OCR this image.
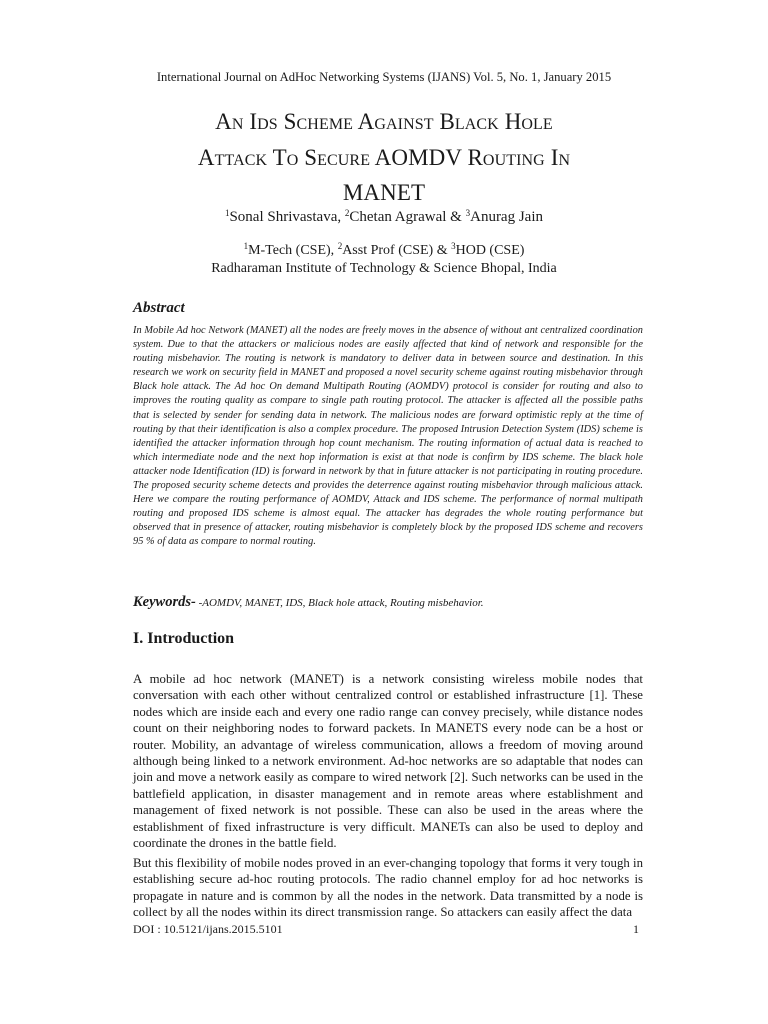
International Journal on AdHoc Networking Systems (IJANS) Vol. 5, No. 1, January 2015
An Ids Scheme Against Black Hole
Attack To Secure AOMDV Routing In
MANET
$^1$Sonal Shrivastava, $^2$Chetan Agrawal & $^3$Anurag Jain
$^1$M-Tech (CSE), $^2$Asst Prof (CSE) & $^3$HOD (CSE)
Radharaman Institute of Technology & Science Bhopal, India
Abstract
In Mobile Ad hoc Network (MANET) all the nodes are freely moves in the absence of without ant centralized coordination system. Due to that the attackers or malicious nodes are easily affected that kind of network and responsible for the routing misbehavior. The routing is network is mandatory to deliver data in between source and destination. In this research we work on security field in MANET and proposed a novel security scheme against routing misbehavior through Black hole attack. The Ad hoc On demand Multipath Routing (AOMDV) protocol is consider for routing and also to improves the routing quality as compare to single path routing protocol. The attacker is affected all the possible paths that is selected by sender for sending data in network. The malicious nodes are forward optimistic reply at the time of routing by that their identification is also a complex procedure. The proposed Intrusion Detection System (IDS) scheme is identified the attacker information through hop count mechanism. The routing information of actual data is reached to which intermediate node and the next hop information is exist at that node is confirm by IDS scheme. The black hole attacker node Identification (ID) is forward in network by that in future attacker is not participating in routing procedure. The proposed security scheme detects and provides the deterrence against routing misbehavior through malicious attack. Here we compare the routing performance of AOMDV, Attack and IDS scheme. The performance of normal multipath routing and proposed IDS scheme is almost equal. The attacker has degrades the whole routing performance but observed that in presence of attacker, routing misbehavior is completely block by the proposed IDS scheme and recovers 95 % of data as compare to normal routing.
Keywords- -AOMDV, MANET, IDS, Black hole attack, Routing misbehavior.
I. Introduction
A mobile ad hoc network (MANET) is a network consisting wireless mobile nodes that conversation with each other without centralized control or established infrastructure [1]. These nodes which are inside each and every one radio range can convey precisely, while distance nodes count on their neighboring nodes to forward packets. In MANETS every node can be a host or router. Mobility, an advantage of wireless communication, allows a freedom of moving around although being linked to a network environment. Ad-hoc networks are so adaptable that nodes can join and move a network easily as compare to wired network [2]. Such networks can be used in the battlefield application, in disaster management and in remote areas where establishment and management of fixed network is not possible. These can also be used in the areas where the establishment of fixed infrastructure is very difficult. MANETs can also be used to deploy and coordinate the drones in the battle field.
But this flexibility of mobile nodes proved in an ever-changing topology that forms it very tough in establishing secure ad-hoc routing protocols. The radio channel employ for ad hoc networks is propagate in nature and is common by all the nodes in the network. Data transmitted by a node is collect by all the nodes within its direct transmission range. So attackers can easily affect the data
DOI : 10.5121/ijans.2015.5101	1
